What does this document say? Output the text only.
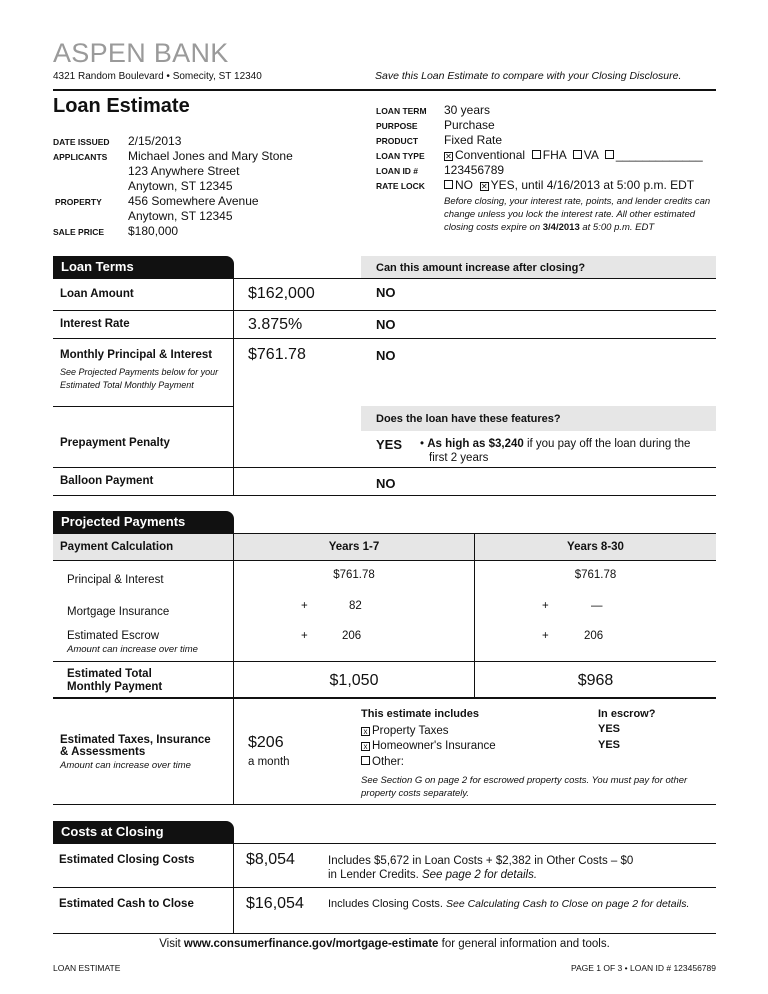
ASPEN BANK
4321 Random Boulevard • Somecity, ST 12340	Save this Loan Estimate to compare with your Closing Disclosure.
Loan Estimate
DATE ISSUED 2/15/2013
APPLICANTS Michael Jones and Mary Stone
123 Anywhere Street
Anytown, ST 12345
PROPERTY 456 Somewhere Avenue
Anytown, ST 12345
SALE PRICE $180,000
LOAN TERM 30 years
PURPOSE Purchase
PRODUCT Fixed Rate
LOAN TYPE	✕ Conventional FHA VA _____________
LOAN ID # 123456789
RATE LOCK	NO ✕ YES, until 4/16/2013 at 5:00 p.m. EDT
Before closing, your interest rate, points, and lender credits can
change unless you lock the interest rate. All other estimated
closing costs expire on 3/4/2013 at 5:00 p.m. EDT
Loan Terms	Can this amount increase after closing?
Loan Amount	$162,000	NO
Interest Rate	3.875%	NO
Monthly Principal & Interest
See Projected Payments below for your
Estimated Total Monthly Payment
$761.78	NO
Does the loan have these features?
Prepayment Penalty	YES • As high as $3,240 if you pay off the loan during the
first 2 years
Balloon Payment	NO
Projected Payments
Payment Calculation	Years 1-7	Years 8-30
Principal & Interest	$761.78	$761.78
Mortgage Insurance	+	82	+	—
Estimated Escrow
Amount can increase over time
+	206	+	206
Estimated Total
Monthly Payment	$1,050	$968
Estimated Taxes, Insurance
& Assessments
Amount can increase over time
$206
a month
This estimate includes	In escrow?
x Property Taxes	YES
x Homeowner's Insurance	YES
Other:
See Section G on page 2 for escrowed property costs. You must pay for other
property costs separately.
Costs at Closing
Estimated Closing Costs	$8,054	Includes $5,672 in Loan Costs + $2,382 in Other Costs – $0
in Lender Credits. See page 2 for details.
Estimated Cash to Close	$16,054 Includes Closing Costs. See Calculating Cash to Close on page 2 for details.
Visit www.consumerfinance.gov/mortgage-estimate for general information and tools.
LOAN ESTIMATE	PAGE 1 OF 3 • LOAN ID # 123456789
